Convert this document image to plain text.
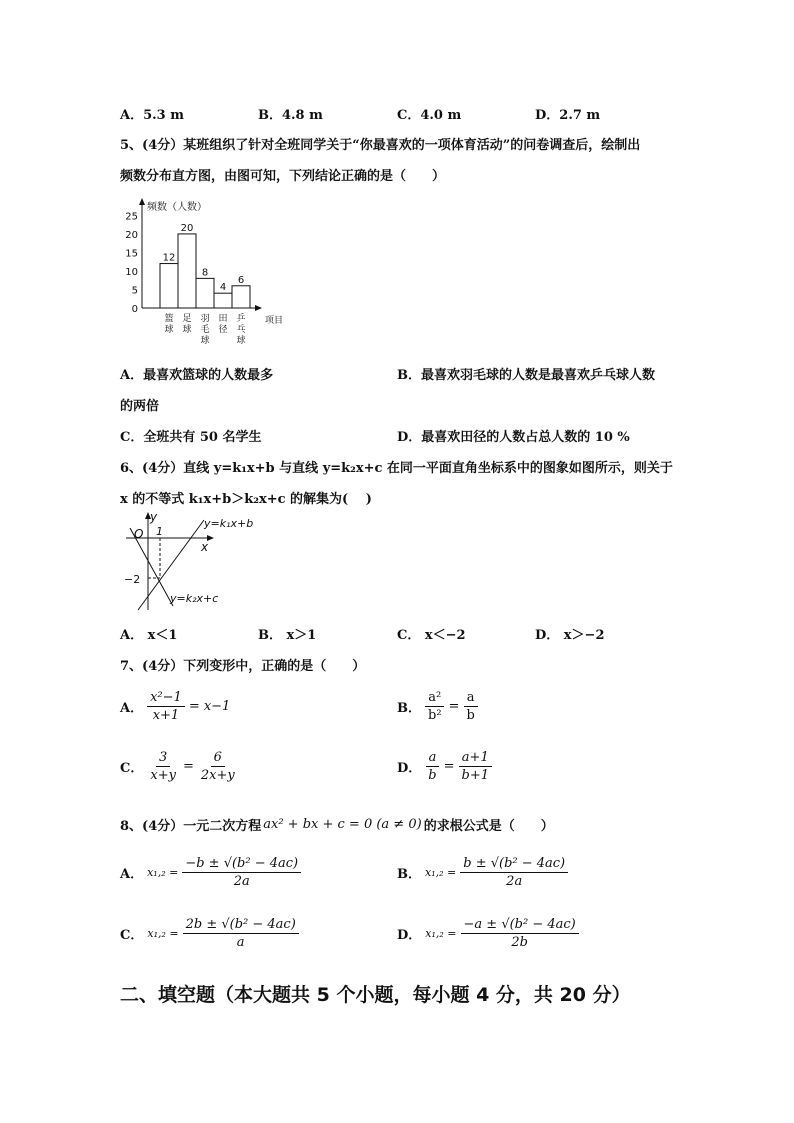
A．5.3 m	B．4.8 m	C．4.0 m	D．2.7 m
5、(4分）某班组织了针对全班同学关于“你最喜欢的一项体育活动”的问卷调查后，绘制出
频数分布直方图，由图可知，下列结论正确的是（　　）
频数（人数）
项目
0
5
10
15
20
25
12
20
8
4
6
篮球
足球
羽毛球
田径
乒乓球
A．最喜欢篮球的人数最多	B．最喜欢羽毛球的人数是最喜欢乒乓球人数
的两倍
C．全班共有 50 名学生	D．最喜欢田径的人数占总人数的 10 %
6、(4分）直线 y=k₁x+b 与直线 y=k₂x+c 在同一平面直角坐标系中的图象如图所示，则关于
x 的不等式 k₁x+b＞k₂x+c 的解集为(　 )
O
x
y
1
−2
y=k₁x+b
y=k₂x+c
A． x＜1	B． x＞1	C． x＜−2	D． x＞−2
7、(4分）下列变形中，正确的是（　　）
A． $\frac{\text{x²−1}}{x+1} = x-1$	B． $\frac{\text{a²}}{\text{b²}} = \frac{a}{b}$
C． $\frac{3}{x+y} = \frac{6}{2x+y}$	D． $\frac{a}{b} = \frac{a+1}{b+1}$
8、(4分）一元二次方程 ax² + bx + c = 0 (a ≠ 0) 的求根公式是（　　）
A． $x_1,_2 = \frac{\text{−b ± √(b² − 4ac)}}{2a}$	B． $x_1,_2 = \frac{\text{b ± √(b² − 4ac)}}{2a}$
C． $x_1,_2 = \frac{\text{2b ± √(b² − 4ac)}}{a}$	D． $x_1,_2 = \frac{\text{−a ± √(b² − 4ac)}}{2b}$
二、填空题（本大题共 5 个小题，每小题 4 分，共 20 分）
